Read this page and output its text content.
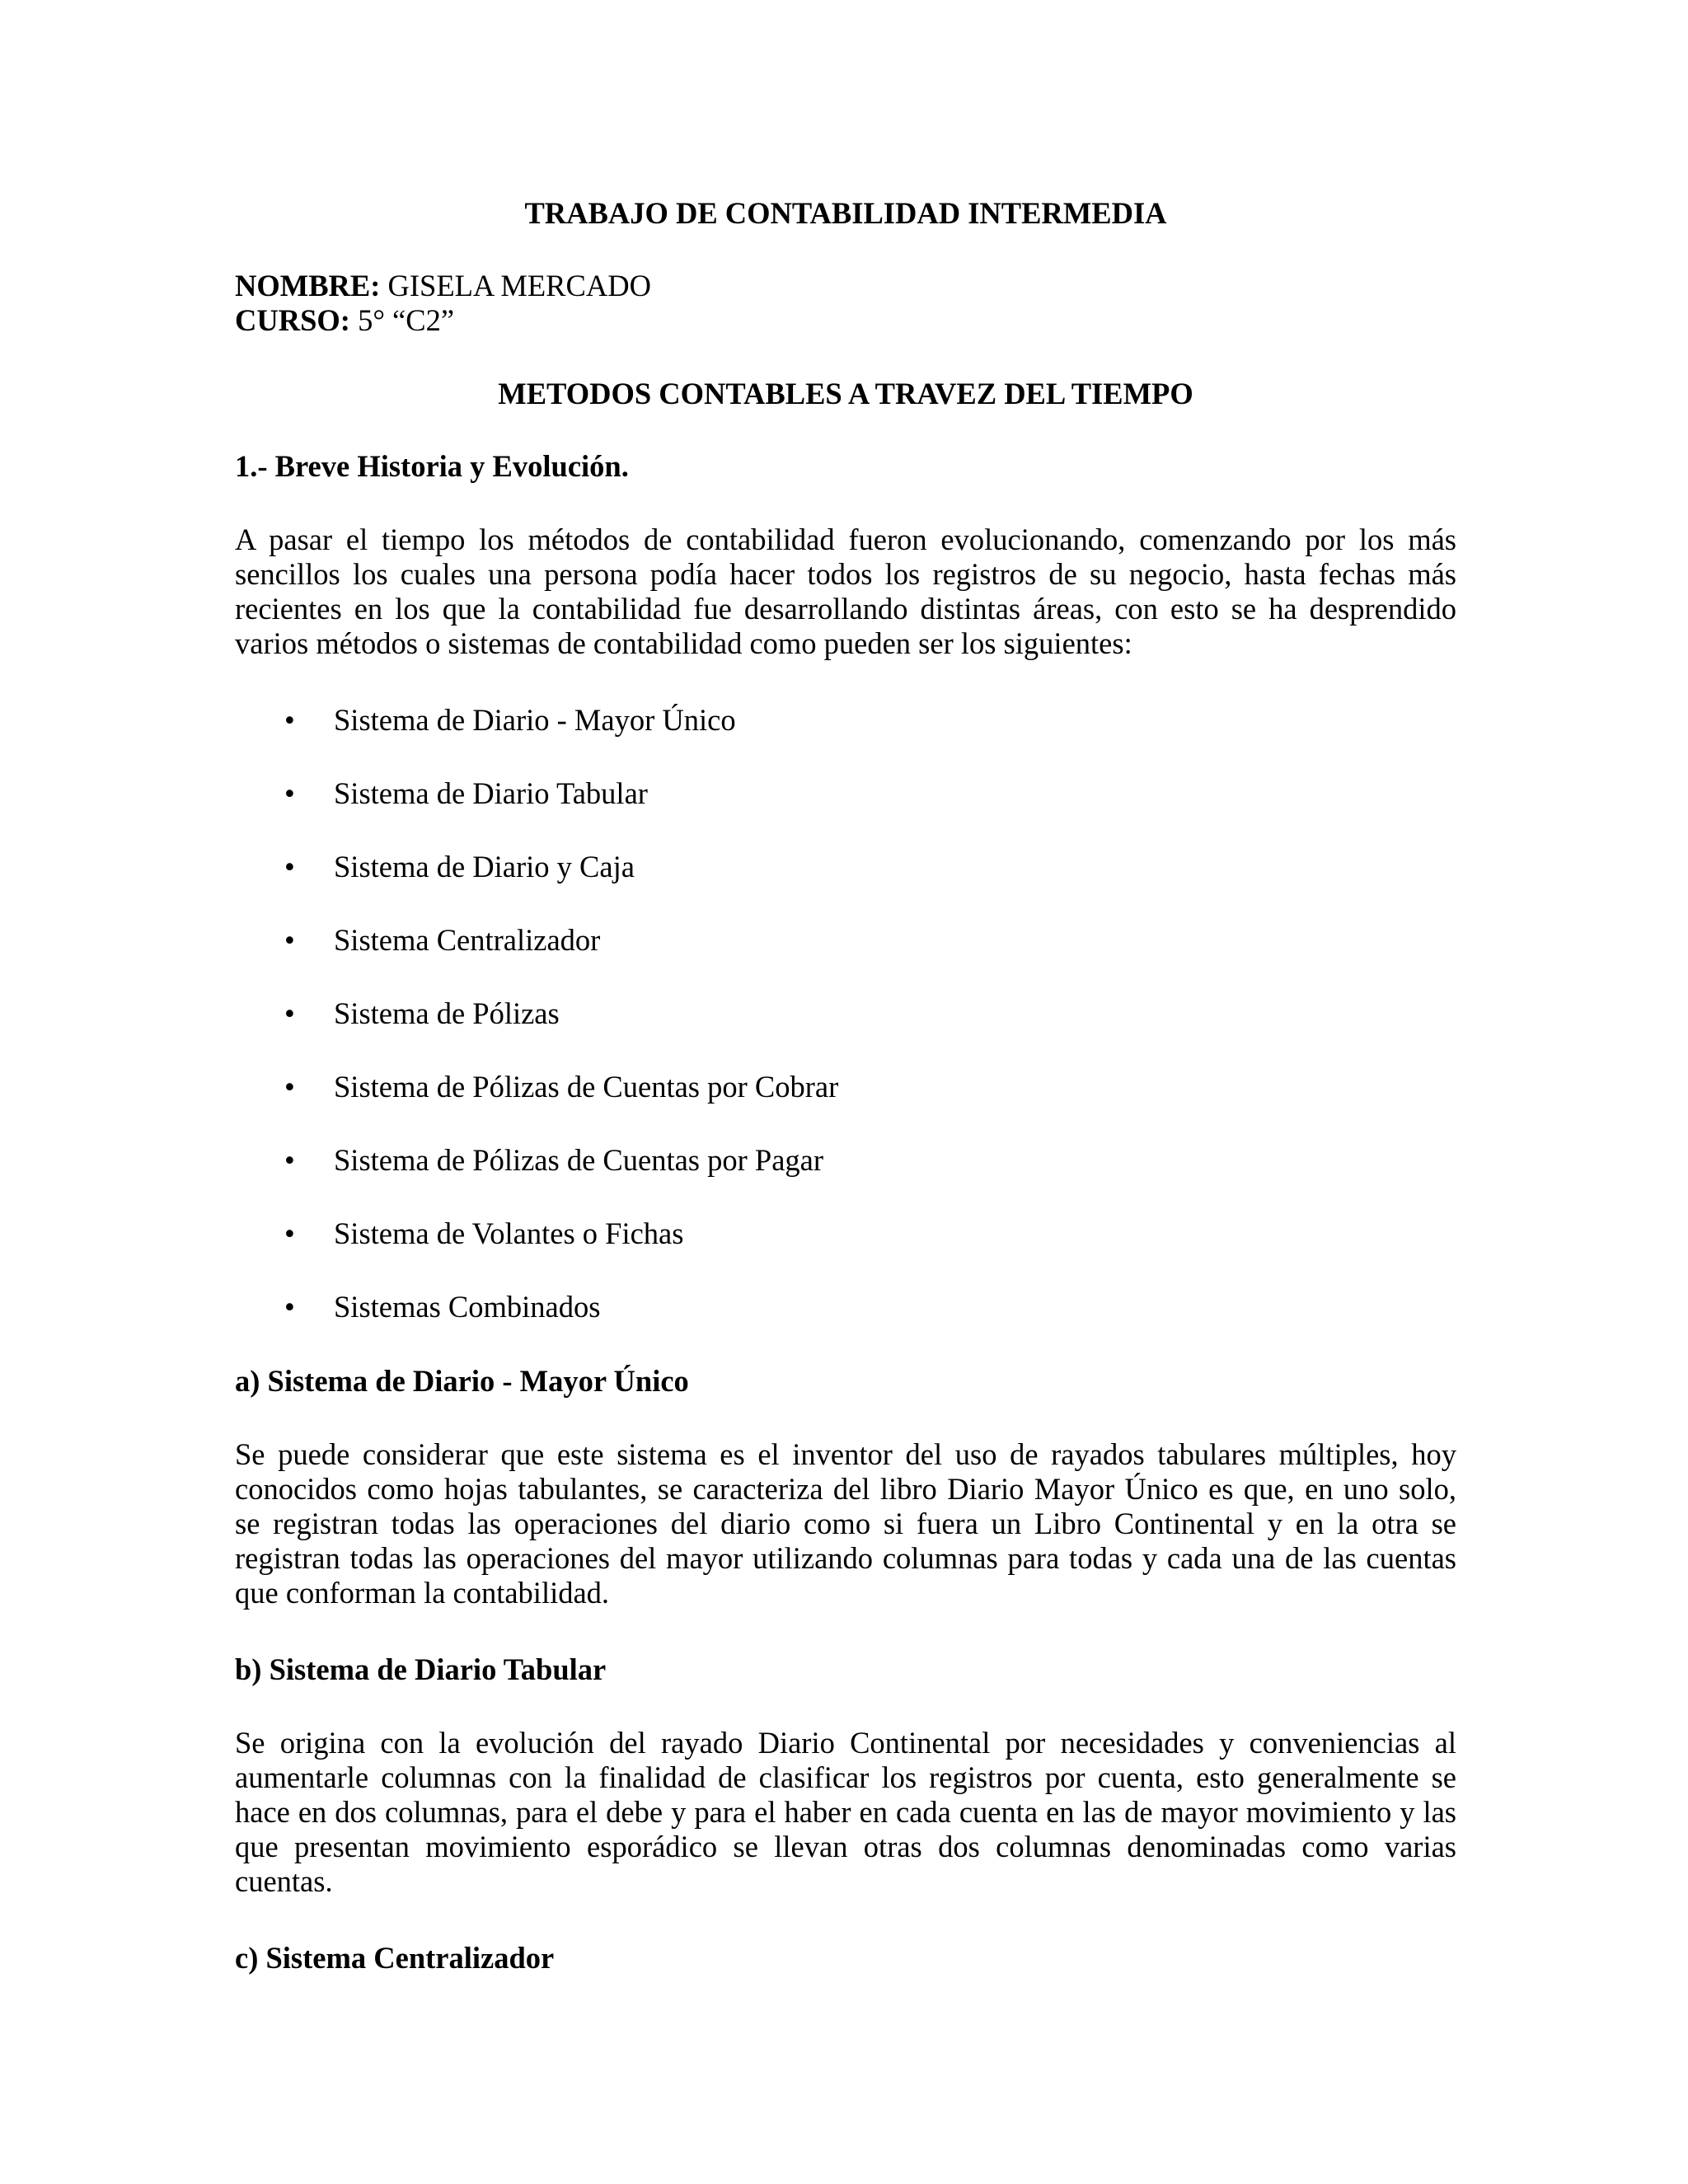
TRABAJO DE CONTABILIDAD INTERMEDIA
NOMBRE: GISELA MERCADO
CURSO: 5° “C2”
METODOS CONTABLES A TRAVEZ DEL TIEMPO
1.- Breve Historia y Evolución.
A pasar el tiempo los métodos de contabilidad fueron evolucionando, comenzando por los más
sencillos los cuales una persona podía hacer todos los registros de su negocio, hasta fechas más
recientes en los que la contabilidad fue desarrollando distintas áreas, con esto se ha desprendido
varios métodos o sistemas de contabilidad como pueden ser los siguientes:
• Sistema de Diario - Mayor Único
• Sistema de Diario Tabular
• Sistema de Diario y Caja
• Sistema Centralizador
• Sistema de Pólizas
• Sistema de Pólizas de Cuentas por Cobrar
• Sistema de Pólizas de Cuentas por Pagar
• Sistema de Volantes o Fichas
• Sistemas Combinados
a) Sistema de Diario - Mayor Único
Se puede considerar que este sistema es el inventor del uso de rayados tabulares múltiples, hoy
conocidos como hojas tabulantes, se caracteriza del libro Diario Mayor Único es que, en uno solo,
se registran todas las operaciones del diario como si fuera un Libro Continental y en la otra se
registran todas las operaciones del mayor utilizando columnas para todas y cada una de las cuentas
que conforman la contabilidad.
b) Sistema de Diario Tabular
Se origina con la evolución del rayado Diario Continental por necesidades y conveniencias al
aumentarle columnas con la finalidad de clasificar los registros por cuenta, esto generalmente se
hace en dos columnas, para el debe y para el haber en cada cuenta en las de mayor movimiento y las
que presentan movimiento esporádico se llevan otras dos columnas denominadas como varias
cuentas.
c) Sistema Centralizador
